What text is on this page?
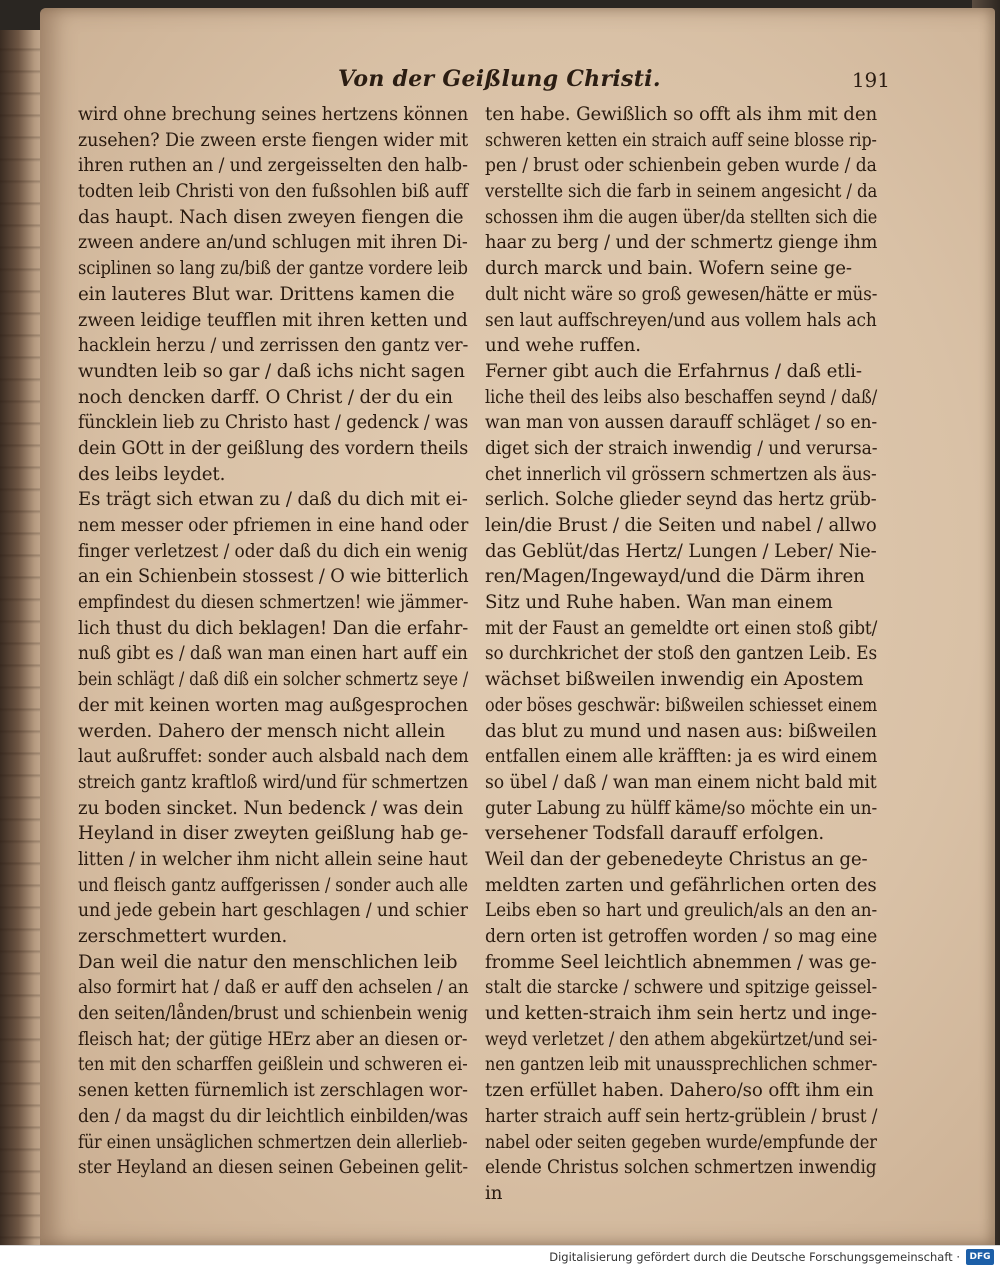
Von der Geißlung Christi.	191
wird ohne brechung seines hertzens können
zusehen? Die zween erste fiengen wider mit
ihren ruthen an / und zergeisselten den halb-
todten leib Christi von den fußsohlen biß auff
das haupt. Nach disen zweyen fiengen die
zween andere an/und schlugen mit ihren Di-
sciplinen so lang zu/biß der gantze vordere leib
ein lauteres Blut war. Drittens kamen die
zween leidige teufflen mit ihren ketten und
hacklein herzu / und zerrissen den gantz ver-
wundten leib so gar / daß ichs nicht sagen
noch dencken darff. O Christ / der du ein
füncklein lieb zu Christo hast / gedenck / was
dein GOtt in der geißlung des vordern theils
des leibs leydet.
Es trägt sich etwan zu / daß du dich mit ei-
nem messer oder pfriemen in eine hand oder
finger verletzest / oder daß du dich ein wenig
an ein Schienbein stossest / O wie bitterlich
empfindest du diesen schmertzen! wie jämmer-
lich thust du dich beklagen! Dan die erfahr-
nuß gibt es / daß wan man einen hart auff ein
bein schlägt / daß diß ein solcher schmertz seye /
der mit keinen worten mag außgesprochen
werden. Dahero der mensch nicht allein
laut außruffet: sonder auch alsbald nach dem
streich gantz kraftloß wird/und für schmertzen
zu boden sincket. Nun bedenck / was dein
Heyland in diser zweyten geißlung hab ge-
litten / in welcher ihm nicht allein seine haut
und fleisch gantz auffgerissen / sonder auch alle
und jede gebein hart geschlagen / und schier
zerschmettert wurden.
Dan weil die natur den menschlichen leib
also formirt hat / daß er auff den achselen / an
den seiten/lånden/brust und schienbein wenig
fleisch hat; der gütige HErz aber an diesen or-
ten mit den scharffen geißlein und schweren ei-
senen ketten fürnemlich ist zerschlagen wor-
den / da magst du dir leichtlich einbilden/was
für einen unsäglichen schmertzen dein allerlieb-
ster Heyland an diesen seinen Gebeinen gelit-
ten habe. Gewißlich so offt als ihm mit den
schweren ketten ein straich auff seine blosse rip-
pen / brust oder schienbein geben wurde / da
verstellte sich die farb in seinem angesicht / da
schossen ihm die augen über/da stellten sich die
haar zu berg / und der schmertz gienge ihm
durch marck und bain. Wofern seine ge-
dult nicht wäre so groß gewesen/hätte er müs-
sen laut auffschreyen/und aus vollem hals ach
und wehe ruffen.
Ferner gibt auch die Erfahrnus / daß etli-
liche theil des leibs also beschaffen seynd / daß/
wan man von aussen darauff schläget / so en-
diget sich der straich inwendig / und verursa-
chet innerlich vil grössern schmertzen als äus-
serlich. Solche glieder seynd das hertz grüb-
lein/die Brust / die Seiten und nabel / allwo
das Geblüt/das Hertz/ Lungen / Leber/ Nie-
ren/Magen/Ingewayd/und die Därm ihren
Sitz und Ruhe haben. Wan man einem
mit der Faust an gemeldte ort einen stoß gibt/
so durchkrichet der stoß den gantzen Leib. Es
wächset bißweilen inwendig ein Apostem
oder böses geschwär: bißweilen schiesset einem
das blut zu mund und nasen aus: bißweilen
entfallen einem alle kräfften: ja es wird einem
so übel / daß / wan man einem nicht bald mit
guter Labung zu hülff käme/so möchte ein un-
versehener Todsfall darauff erfolgen.
Weil dan der gebenedeyte Christus an ge-
meldten zarten und gefährlichen orten des
Leibs eben so hart und greulich/als an den an-
dern orten ist getroffen worden / so mag eine
fromme Seel leichtlich abnemmen / was ge-
stalt die starcke / schwere und spitzige geissel-
und ketten-straich ihm sein hertz und inge-
weyd verletzet / den athem abgekürtzet/und sei-
nen gantzen leib mit unaussprechlichen schmer-
tzen erfüllet haben. Dahero/so offt ihm ein
harter straich auff sein hertz-grüblein / brust /
nabel oder seiten gegeben wurde/empfunde der
elende Christus solchen schmertzen inwendig
in
Digitalisierung gefördert durch die Deutsche Forschungsgemeinschaft ·	DFG
